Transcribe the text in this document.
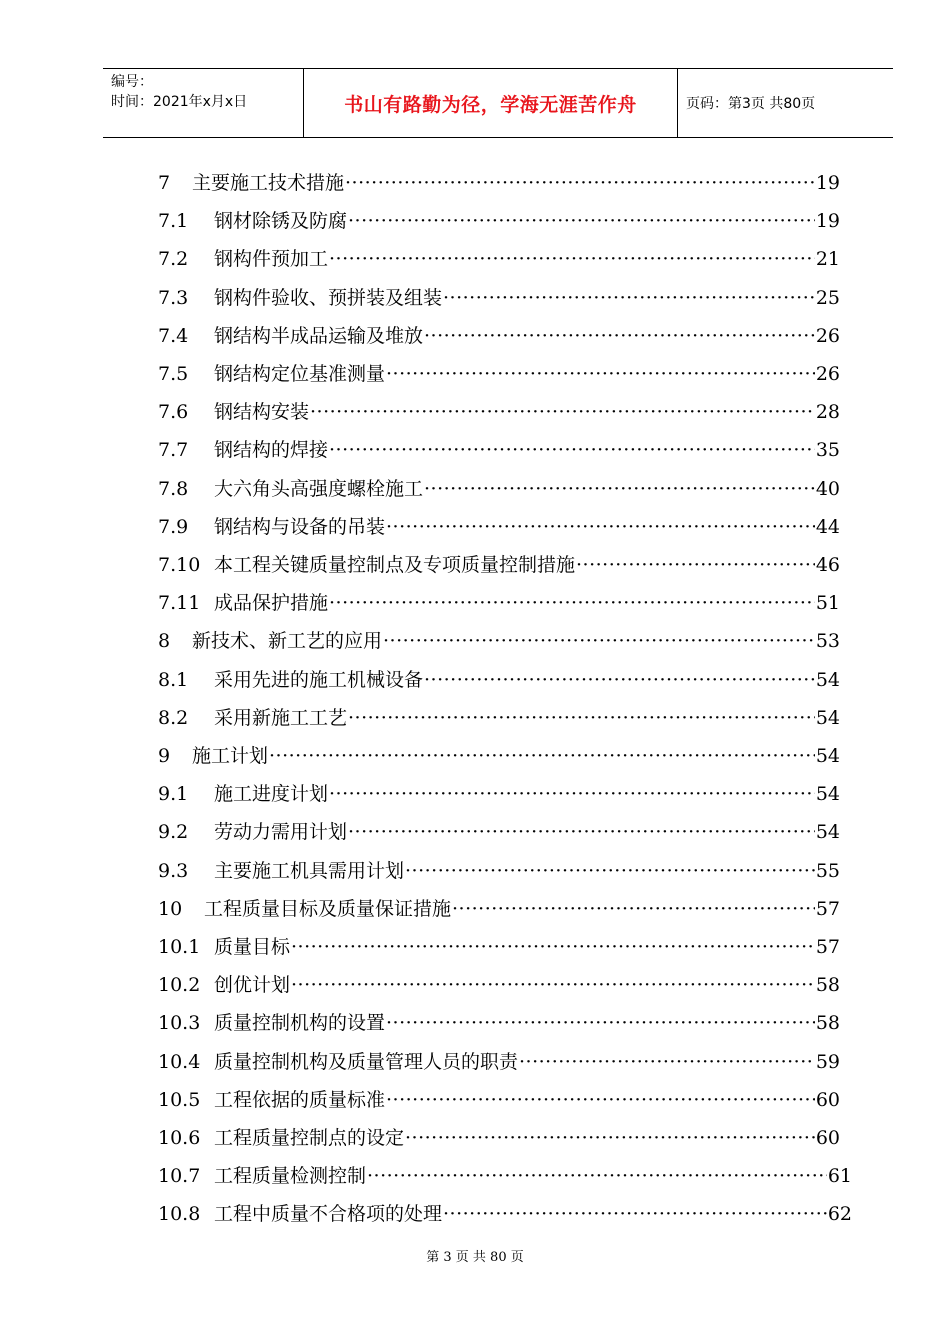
编号：
时间：2021年x月x日	书山有路勤为径，学海无涯苦作舟	页码：第3页 共80页
7	主要施工技术措施 ·····	19
7.1	钢材除锈及防腐 ·····	19
7.2	钢构件预加工 ·····	21
7.3	钢构件验收、预拼装及组装 ·····	25
7.4	钢结构半成品运输及堆放 ·····	26
7.5	钢结构定位基准测量 ·····	26
7.6	钢结构安装 ·····	28
7.7	钢结构的焊接 ·····	35
7.8	大六角头高强度螺栓施工 ·····	40
7.9	钢结构与设备的吊装 ·····	44
7.10 本工程关键质量控制点及专项质量控制措施 ·····	46
7.11 成品保护措施 ·····	51
8	新技术、新工艺的应用 ·····	53
8.1	采用先进的施工机械设备 ·····	54
8.2	采用新施工工艺 ·····	54
9	施工计划 ·····	54
9.1	施工进度计划 ·····	54
9.2	劳动力需用计划 ·····	54
9.3	主要施工机具需用计划 ·····	55
10	工程质量目标及质量保证措施 ·····	57
10.1 质量目标 ·····	57
10.2 创优计划 ·····	58
10.3 质量控制机构的设置 ·····	58
10.4 质量控制机构及质量管理人员的职责 ·····	59
10.5 工程依据的质量标准 ·····	60
10.6 工程质量控制点的设定 ·····	60
10.7 工程质量检测控制 ·····	61
10.8 工程中质量不合格项的处理 ·····	62
第 3 页 共 80 页
